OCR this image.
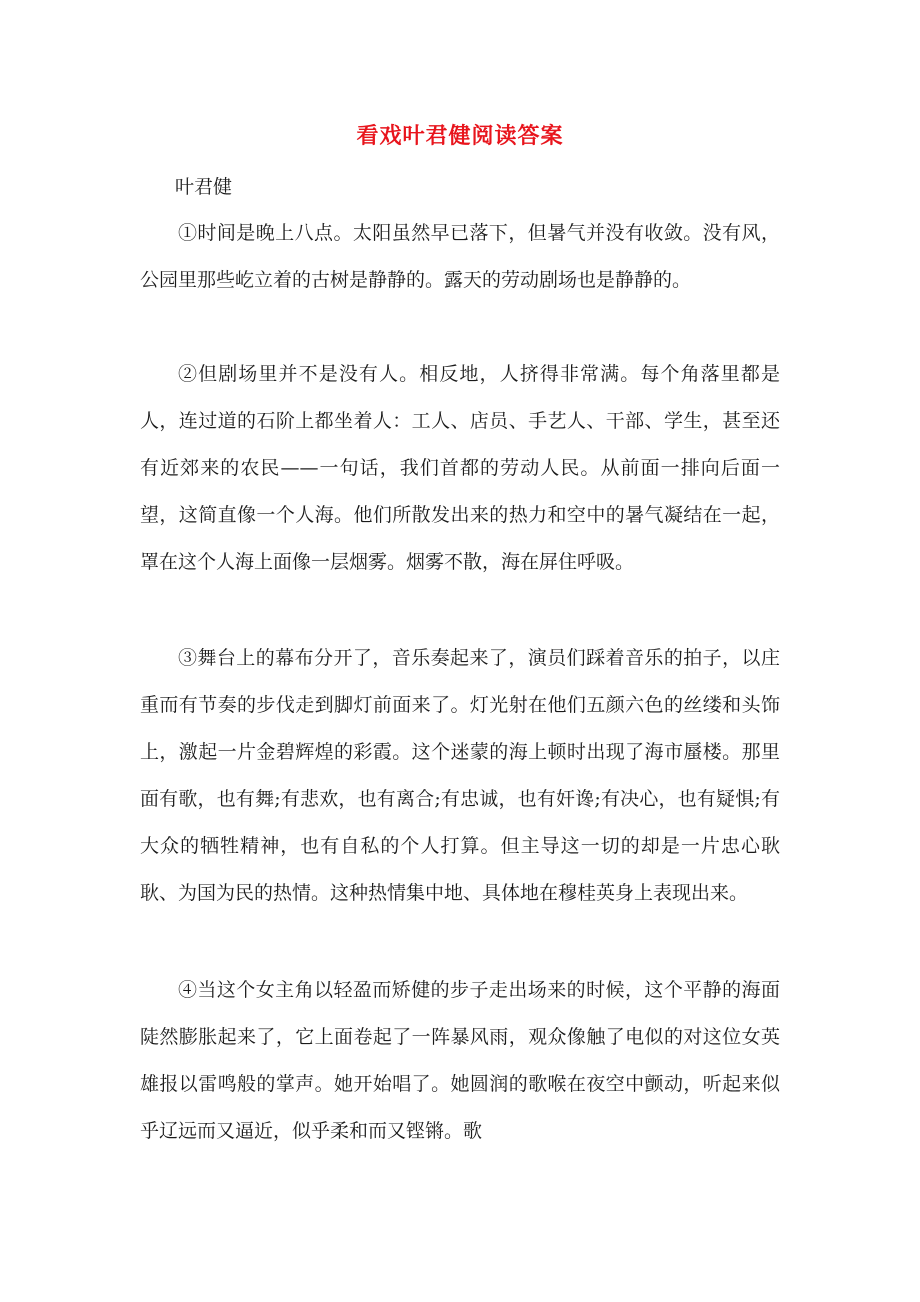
看戏叶君健阅读答案
叶君健

①时间是晚上八点。太阳虽然早已落下，但暑气并没有收敛。没有风，公园里那些屹立着的古树是静静的。露天的劳动剧场也是静静的。

②但剧场里并不是没有人。相反地，人挤得非常满。每个角落里都是人，连过道的石阶上都坐着人：工人、店员、手艺人、干部、学生，甚至还有近郊来的农民——一句话，我们首都的劳动人民。从前面一排向后面一望，这简直像一个人海。他们所散发出来的热力和空中的暑气凝结在一起，罩在这个人海上面像一层烟雾。烟雾不散，海在屏住呼吸。

③舞台上的幕布分开了，音乐奏起来了，演员们踩着音乐的拍子，以庄重而有节奏的步伐走到脚灯前面来了。灯光射在他们五颜六色的丝缕和头饰上，激起一片金碧辉煌的彩霞。这个迷蒙的海上顿时出现了海市蜃楼。那里面有歌，也有舞;有悲欢，也有离合;有忠诚，也有奸谗;有决心，也有疑惧;有大众的牺牲精神，也有自私的个人打算。但主导这一切的却是一片忠心耿耿、为国为民的热情。这种热情集中地、具体地在穆桂英身上表现出来。

④当这个女主角以轻盈而矫健的步子走出场来的时候，这个平静的海面陡然膨胀起来了，它上面卷起了一阵暴风雨，观众像触了电似的对这位女英雄报以雷鸣般的掌声。她开始唱了。她圆润的歌喉在夜空中颤动，听起来似乎辽远而又逼近，似乎柔和而又铿锵。歌
